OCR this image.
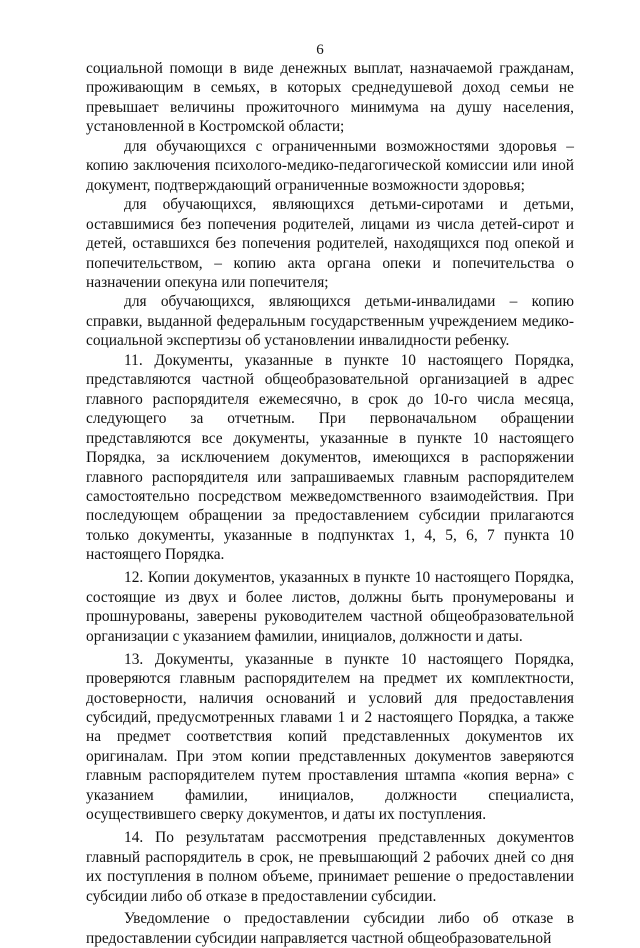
6

социальной помощи в виде денежных выплат, назначаемой гражданам, проживающим в семьях, в которых среднедушевой доход семьи не превышает величины прожиточного минимума на душу населения, установленной в Костромской области;

для обучающихся с ограниченными возможностями здоровья – копию заключения психолого-медико-педагогической комиссии или иной документ, подтверждающий ограниченные возможности здоровья;

для обучающихся, являющихся детьми-сиротами и детьми, оставшимися без попечения родителей, лицами из числа детей-сирот и детей, оставшихся без попечения родителей, находящихся под опекой и попечительством, – копию акта органа опеки и попечительства о назначении опекуна или попечителя;

для обучающихся, являющихся детьми-инвалидами – копию справки, выданной федеральным государственным учреждением медико-социальной экспертизы об установлении инвалидности ребенку.

11. Документы, указанные в пункте 10 настоящего Порядка, представляются частной общеобразовательной организацией в адрес главного распорядителя ежемесячно, в срок до 10-го числа месяца, следующего за отчетным. При первоначальном обращении представляются все документы, указанные в пункте 10 настоящего Порядка, за исключением документов, имеющихся в распоряжении главного распорядителя или запрашиваемых главным распорядителем самостоятельно посредством межведомственного взаимодействия. При последующем обращении за предоставлением субсидии прилагаются только документы, указанные в подпунктах 1, 4, 5, 6, 7 пункта 10 настоящего Порядка.

12. Копии документов, указанных в пункте 10 настоящего Порядка, состоящие из двух и более листов, должны быть пронумерованы и прошнурованы, заверены руководителем частной общеобразовательной организации с указанием фамилии, инициалов, должности и даты.

13. Документы, указанные в пункте 10 настоящего Порядка, проверяются главным распорядителем на предмет их комплектности, достоверности, наличия оснований и условий для предоставления субсидий, предусмотренных главами 1 и 2 настоящего Порядка, а также на предмет соответствия копий представленных документов их оригиналам. При этом копии представленных документов заверяются главным распорядителем путем проставления штампа «копия верна» с указанием фамилии, инициалов, должности специалиста, осуществившего сверку документов, и даты их поступления.

14. По результатам рассмотрения представленных документов главный распорядитель в срок, не превышающий 2 рабочих дней со дня их поступления в полном объеме, принимает решение о предоставлении субсидии либо об отказе в предоставлении субсидии.

Уведомление о предоставлении субсидии либо об отказе в предоставлении субсидии направляется частной общеобразовательной
